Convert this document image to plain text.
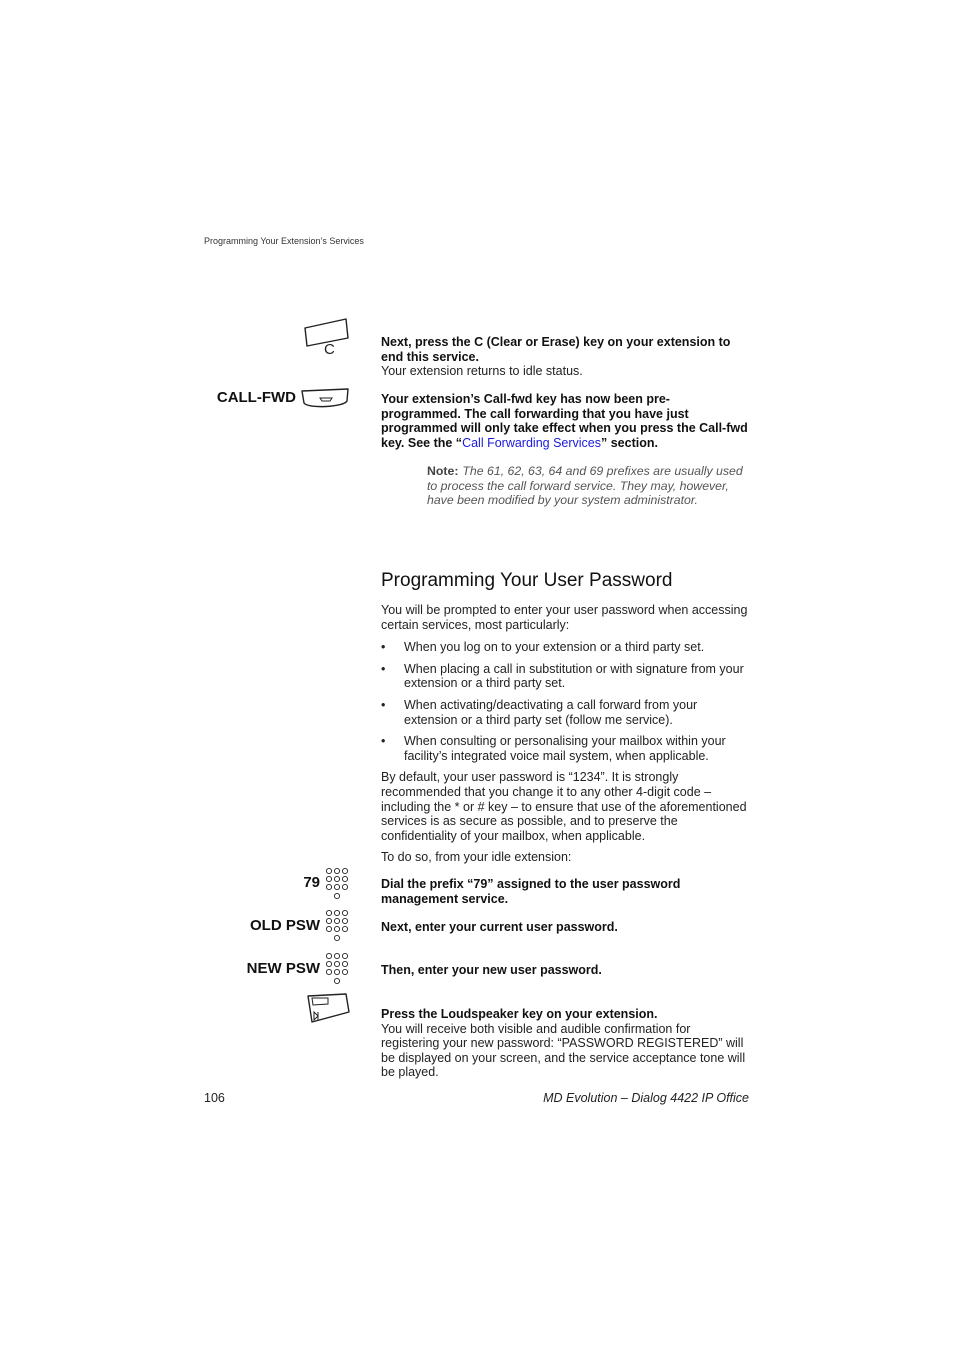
Programming Your Extension’s Services
C	Next, press the C (Clear or Erase) key on your extension to end this service.
Your extension returns to idle status.
CALL-FWD	Your extension’s Call-fwd key has now been pre-programmed. The call forwarding that you have just programmed will only take effect when you press the Call-fwd key. See the “Call Forwarding Services” section.
Note: The 61, 62, 63, 64 and 69 prefixes are usually used to process the call forward service. They may, however, have been modified by your system administrator.
Programming Your User Password
You will be prompted to enter your user password when accessing certain services, most particularly:
• When you log on to your extension or a third party set.
• When placing a call in substitution or with signature from your extension or a third party set.
• When activating/deactivating a call forward from your extension or a third party set (follow me service).
• When consulting or personalising your mailbox within your facility’s integrated voice mail system, when applicable.
By default, your user password is “1234”. It is strongly recommended that you change it to any other 4-digit code – including the * or # key – to ensure that use of the aforementioned services is as secure as possible, and to preserve the confidentiality of your mailbox, when applicable.
To do so, from your idle extension:
79	Dial the prefix “79” assigned to the user password management service.
OLD PSW	Next, enter your current user password.
NEW PSW	Then, enter your new user password.
Press the Loudspeaker key on your extension.
You will receive both visible and audible confirmation for registering your new password: “PASSWORD REGISTERED” will be displayed on your screen, and the service acceptance tone will be played.
106	MD Evolution – Dialog 4422 IP Office
